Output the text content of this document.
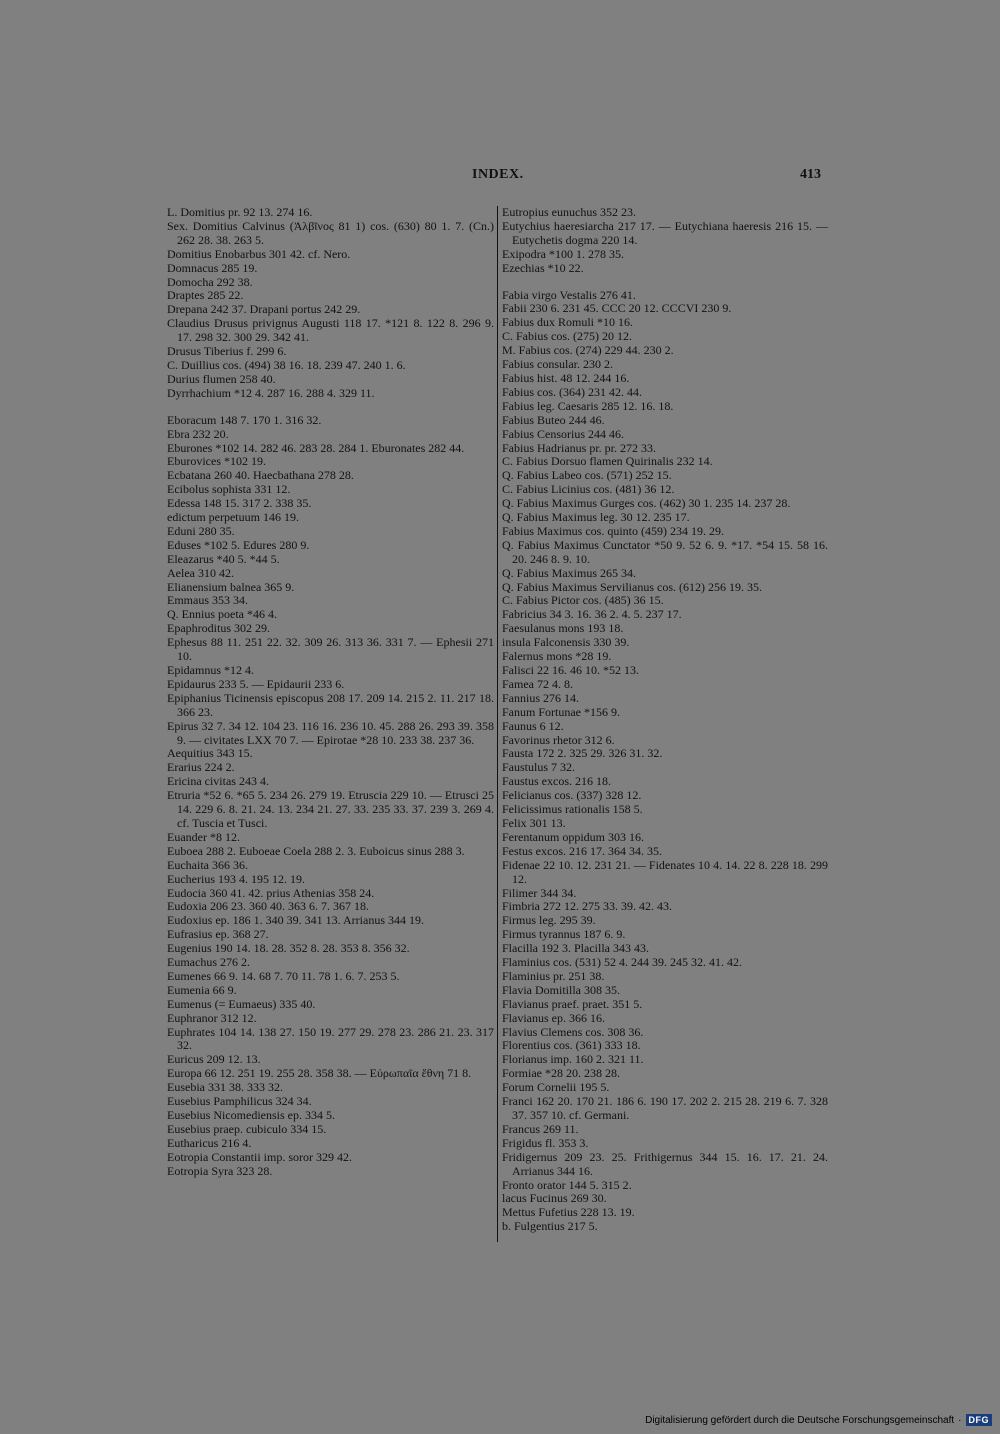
INDEX.	413
L. Domitius pr. 92 13. 274 16.
Sex. Domitius Calvinus (Ἀλβῖνος 81 1) cos. (630) 80 1. 7. (Cn.) 262 28. 38. 263 5.
Domitius Enobarbus 301 42. cf. Nero.
Domnacus 285 19.
Domocha 292 38.
Draptes 285 22.
Drepana 242 37. Drapani portus 242 29.
Claudius Drusus privignus Augusti 118 17. *121 8. 122 8. 296 9. 17. 298 32. 300 29. 342 41.
Drusus Tiberius f. 299 6.
C. Duillius cos. (494) 38 16. 18. 239 47. 240 1. 6.
Durius flumen 258 40.
Dyrrhachium *12 4. 287 16. 288 4. 329 11.
Eboracum 148 7. 170 1. 316 32.
Ebra 232 20.
Eburones *102 14. 282 46. 283 28. 284 1. Eburonates 282 44.
Eburovices *102 19.
Ecbatana 260 40. Haecbathana 278 28.
Ecibolus sophista 331 12.
Edessa 148 15. 317 2. 338 35.
edictum perpetuum 146 19.
Eduni 280 35.
Eduses *102 5. Edures 280 9.
Eleazarus *40 5. *44 5.
Aelea 310 42.
Elianensium balnea 365 9.
Emmaus 353 34.
Q. Ennius poeta *46 4.
Epaphroditus 302 29.
Ephesus 88 11. 251 22. 32. 309 26. 313 36. 331 7. — Ephesii 271 10.
Epidamnus *12 4.
Epidaurus 233 5. — Epidaurii 233 6.
Epiphanius Ticinensis episcopus 208 17. 209 14. 215 2. 11. 217 18. 366 23.
Epirus 32 7. 34 12. 104 23. 116 16. 236 10. 45. 288 26. 293 39. 358 9. — civitates LXX 70 7. — Epirotae *28 10. 233 38. 237 36.
Aequitius 343 15.
Erarius 224 2.
Ericina civitas 243 4.
Etruria *52 6. *65 5. 234 26. 279 19. Etruscia 229 10. — Etrusci 25 14. 229 6. 8. 21. 24. 13. 234 21. 27. 33. 235 33. 37. 239 3. 269 4. cf. Tuscia et Tusci.
Euander *8 12.
Euboea 288 2. Euboeae Coela 288 2. 3. Euboicus sinus 288 3.
Euchaita 366 36.
Eucherius 193 4. 195 12. 19.
Eudocia 360 41. 42. prius Athenias 358 24.
Eudoxia 206 23. 360 40. 363 6. 7. 367 18.
Eudoxius ep. 186 1. 340 39. 341 13. Arrianus 344 19.
Eufrasius ep. 368 27.
Eugenius 190 14. 18. 28. 352 8. 28. 353 8. 356 32.
Eumachus 276 2.
Eumenes 66 9. 14. 68 7. 70 11. 78 1. 6. 7. 253 5.
Eumenia 66 9.
Eumenus (= Eumaeus) 335 40.
Euphranor 312 12.
Euphrates 104 14. 138 27. 150 19. 277 29. 278 23. 286 21. 23. 317 32.
Euricus 209 12. 13.
Europa 66 12. 251 19. 255 28. 358 38. — Εὐρωπαῖα ἔθνη 71 8.
Eusebia 331 38. 333 32.
Eusebius Pamphilicus 324 34.
Eusebius Nicomediensis ep. 334 5.
Eusebius praep. cubiculo 334 15.
Eutharicus 216 4.
Eotropia Constantii imp. soror 329 42.
Eotropia Syra 323 28.
Eutropius eunuchus 352 23.
Eutychius haeresiarcha 217 17. — Eutychiana haeresis 216 15. — Eutychetis dogma 220 14.
Exipodra *100 1. 278 35.
Ezechias *10 22.
Fabia virgo Vestalis 276 41.
Fabii 230 6. 231 45. CCC 20 12. CCCVI 230 9.
Fabius dux Romuli *10 16.
C. Fabius cos. (275) 20 12.
M. Fabius cos. (274) 229 44. 230 2.
Fabius consular. 230 2.
Fabius hist. 48 12. 244 16.
Fabius cos. (364) 231 42. 44.
Fabius leg. Caesaris 285 12. 16. 18.
Fabius Buteo 244 46.
Fabius Censorius 244 46.
Fabius Hadrianus pr. pr. 272 33.
C. Fabius Dorsuo flamen Quirinalis 232 14.
Q. Fabius Labeo cos. (571) 252 15.
C. Fabius Licinius cos. (481) 36 12.
Q. Fabius Maximus Gurges cos. (462) 30 1. 235 14. 237 28.
Q. Fabius Maximus leg. 30 12. 235 17.
Fabius Maximus cos. quinto (459) 234 19. 29.
Q. Fabius Maximus Cunctator *50 9. 52 6. 9. *17. *54 15. 58 16. 20. 246 8. 9. 10.
Q. Fabius Maximus 265 34.
Q. Fabius Maximus Servilianus cos. (612) 256 19. 35.
C. Fabius Pictor cos. (485) 36 15.
Fabricius 34 3. 16. 36 2. 4. 5. 237 17.
Faesulanus mons 193 18.
insula Falconensis 330 39.
Falernus mons *28 19.
Falisci 22 16. 46 10. *52 13.
Famea 72 4. 8.
Fannius 276 14.
Fanum Fortunae *156 9.
Faunus 6 12.
Favorinus rhetor 312 6.
Fausta 172 2. 325 29. 326 31. 32.
Faustulus 7 32.
Faustus excos. 216 18.
Felicianus cos. (337) 328 12.
Felicissimus rationalis 158 5.
Felix 301 13.
Ferentanum oppidum 303 16.
Festus excos. 216 17. 364 34. 35.
Fidenae 22 10. 12. 231 21. — Fidenates 10 4. 14. 22 8. 228 18. 299 12.
Filimer 344 34.
Fimbria 272 12. 275 33. 39. 42. 43.
Firmus leg. 295 39.
Firmus tyrannus 187 6. 9.
Flacilla 192 3. Placilla 343 43.
Flaminius cos. (531) 52 4. 244 39. 245 32. 41. 42.
Flaminius pr. 251 38.
Flavia Domitilla 308 35.
Flavianus praef. praet. 351 5.
Flavianus ep. 366 16.
Flavius Clemens cos. 308 36.
Florentius cos. (361) 333 18.
Florianus imp. 160 2. 321 11.
Formiae *28 20. 238 28.
Forum Cornelii 195 5.
Franci 162 20. 170 21. 186 6. 190 17. 202 2. 215 28. 219 6. 7. 328 37. 357 10. cf. Germani.
Francus 269 11.
Frigidus fl. 353 3.
Fridigernus 209 23. 25. Frithigernus 344 15. 16. 17. 21. 24. Arrianus 344 16.
Fronto orator 144 5. 315 2.
lacus Fucinus 269 30.
Mettus Fufetius 228 13. 19.
b. Fulgentius 217 5.
Digitalisierung gefördert durch die Deutsche Forschungsgemeinschaft · DFG
